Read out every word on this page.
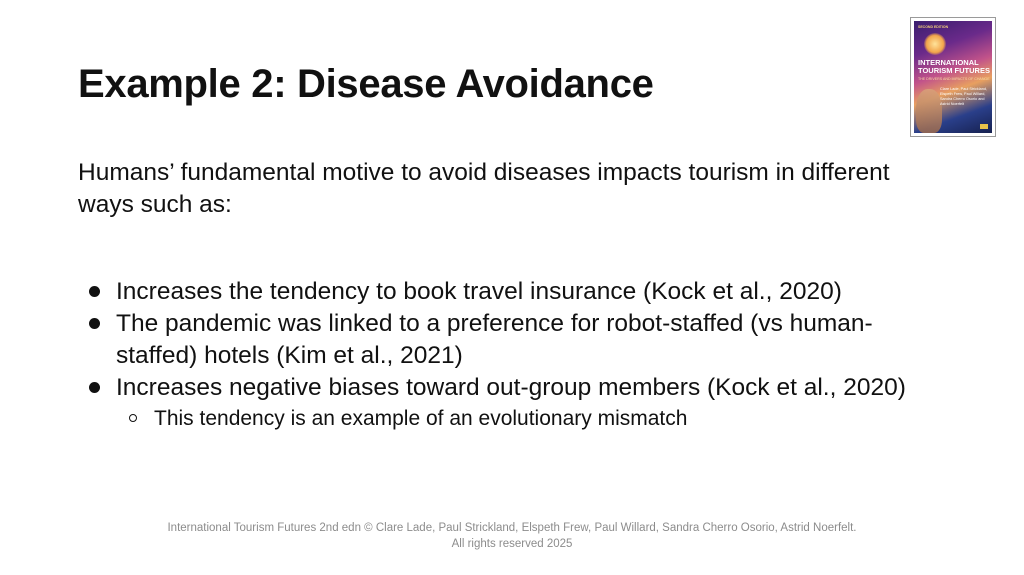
Example 2: Disease Avoidance

Humans’ fundamental motive to avoid diseases impacts tourism in different ways such as:

Increases the tendency to book travel insurance (Kock et al., 2020)
The pandemic was linked to a preference for robot-staffed (vs human-staffed) hotels (Kim et al., 2021)
Increases negative biases toward out-group members (Kock et al., 2020)
This tendency is an example of an evolutionary mismatch
SECOND EDITION
INTERNATIONAL TOURISM FUTURES
THE DRIVERS AND IMPACTS OF CHANGE
Clare Lade, Paul Strickland, Elspeth Frew, Paul Willard, Sandra Cherro Osorio and Astrid Noerfelt
International Tourism Futures 2nd edn © Clare Lade, Paul Strickland, Elspeth Frew, Paul Willard, Sandra Cherro Osorio, Astrid Noerfelt.
All rights reserved 2025
